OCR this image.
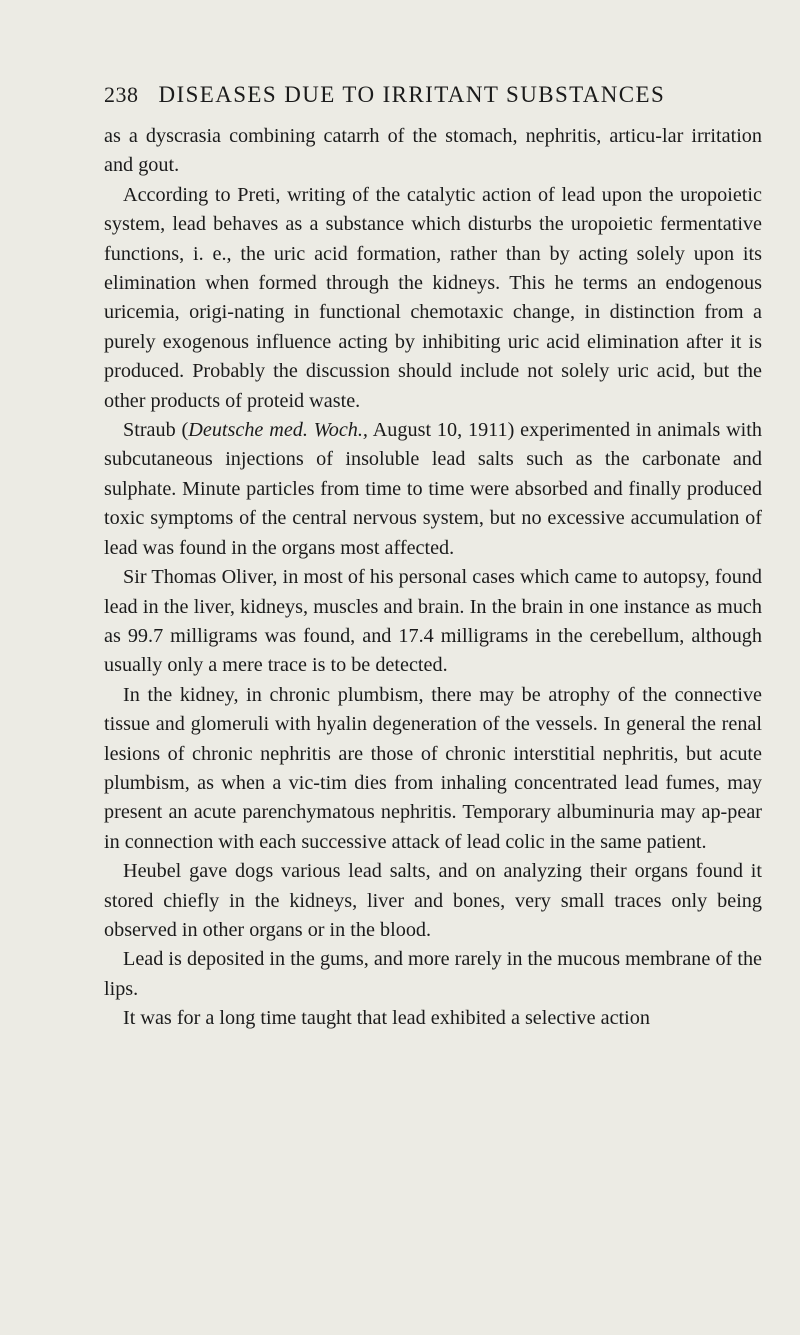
238 DISEASES DUE TO IRRITANT SUBSTANCES

as a dyscrasia combining catarrh of the stomach, nephritis, articu-lar irritation and gout.

According to Preti, writing of the catalytic action of lead upon the uropoietic system, lead behaves as a substance which disturbs the uropoietic fermentative functions, i. e., the uric acid formation, rather than by acting solely upon its elimination when formed through the kidneys. This he terms an endogenous uricemia, origi-nating in functional chemotaxic change, in distinction from a purely exogenous influence acting by inhibiting uric acid elimination after it is produced. Probably the discussion should include not solely uric acid, but the other products of proteid waste.

Straub (Deutsche med. Woch., August 10, 1911) experimented in animals with subcutaneous injections of insoluble lead salts such as the carbonate and sulphate. Minute particles from time to time were absorbed and finally produced toxic symptoms of the central nervous system, but no excessive accumulation of lead was found in the organs most affected.

Sir Thomas Oliver, in most of his personal cases which came to autopsy, found lead in the liver, kidneys, muscles and brain. In the brain in one instance as much as 99.7 milligrams was found, and 17.4 milligrams in the cerebellum, although usually only a mere trace is to be detected.

In the kidney, in chronic plumbism, there may be atrophy of the connective tissue and glomeruli with hyalin degeneration of the vessels. In general the renal lesions of chronic nephritis are those of chronic interstitial nephritis, but acute plumbism, as when a vic-tim dies from inhaling concentrated lead fumes, may present an acute parenchymatous nephritis. Temporary albuminuria may ap-pear in connection with each successive attack of lead colic in the same patient.

Heubel gave dogs various lead salts, and on analyzing their organs found it stored chiefly in the kidneys, liver and bones, very small traces only being observed in other organs or in the blood.

Lead is deposited in the gums, and more rarely in the mucous membrane of the lips.

It was for a long time taught that lead exhibited a selective action
